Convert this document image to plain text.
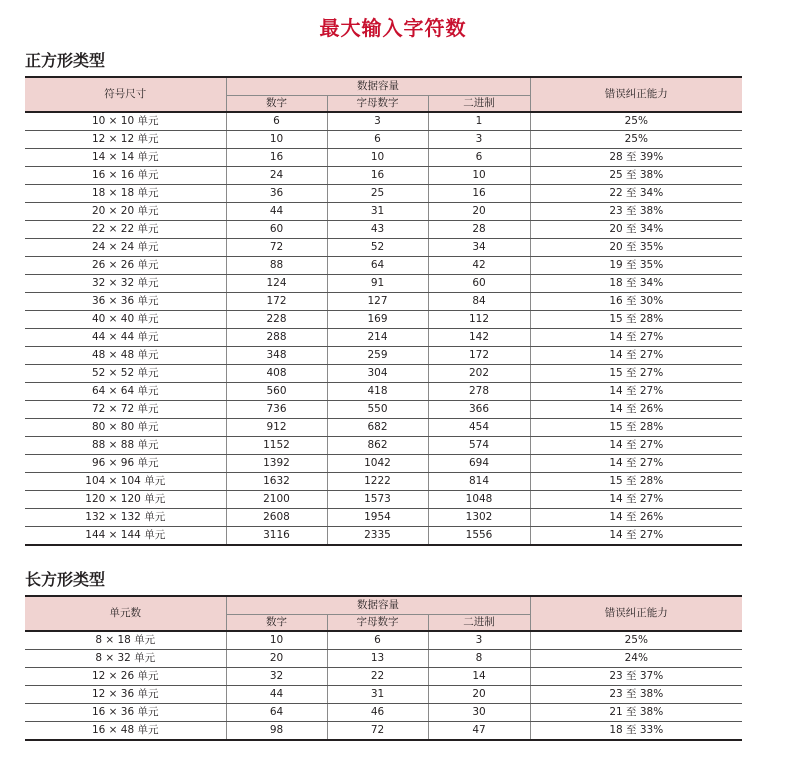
最大输入字符数
正方形类型
符号尺寸	数据容量			错误纠正能力
	数字	字母数字	二进制	
10 × 10 单元	6	3	1	25%
12 × 12 单元	10	6	3	25%
14 × 14 单元	16	10	6	28 至 39%
16 × 16 单元	24	16	10	25 至 38%
18 × 18 单元	36	25	16	22 至 34%
20 × 20 单元	44	31	20	23 至 38%
22 × 22 单元	60	43	28	20 至 34%
24 × 24 单元	72	52	34	20 至 35%
26 × 26 单元	88	64	42	19 至 35%
32 × 32 单元	124	91	60	18 至 34%
36 × 36 单元	172	127	84	16 至 30%
40 × 40 单元	228	169	112	15 至 28%
44 × 44 单元	288	214	142	14 至 27%
48 × 48 单元	348	259	172	14 至 27%
52 × 52 单元	408	304	202	15 至 27%
64 × 64 单元	560	418	278	14 至 27%
72 × 72 单元	736	550	366	14 至 26%
80 × 80 单元	912	682	454	15 至 28%
88 × 88 单元	1152	862	574	14 至 27%
96 × 96 单元	1392	1042	694	14 至 27%
104 × 104 单元	1632	1222	814	15 至 28%
120 × 120 单元	2100	1573	1048	14 至 27%
132 × 132 单元	2608	1954	1302	14 至 26%
144 × 144 单元	3116	2335	1556	14 至 27%
长方形类型
单元数	数据容量			错误纠正能力
	数字	字母数字	二进制	
8 × 18 单元	10	6	3	25%
8 × 32 单元	20	13	8	24%
12 × 26 单元	32	22	14	23 至 37%
12 × 36 单元	44	31	20	23 至 38%
16 × 36 单元	64	46	30	21 至 38%
16 × 48 单元	98	72	47	18 至 33%
